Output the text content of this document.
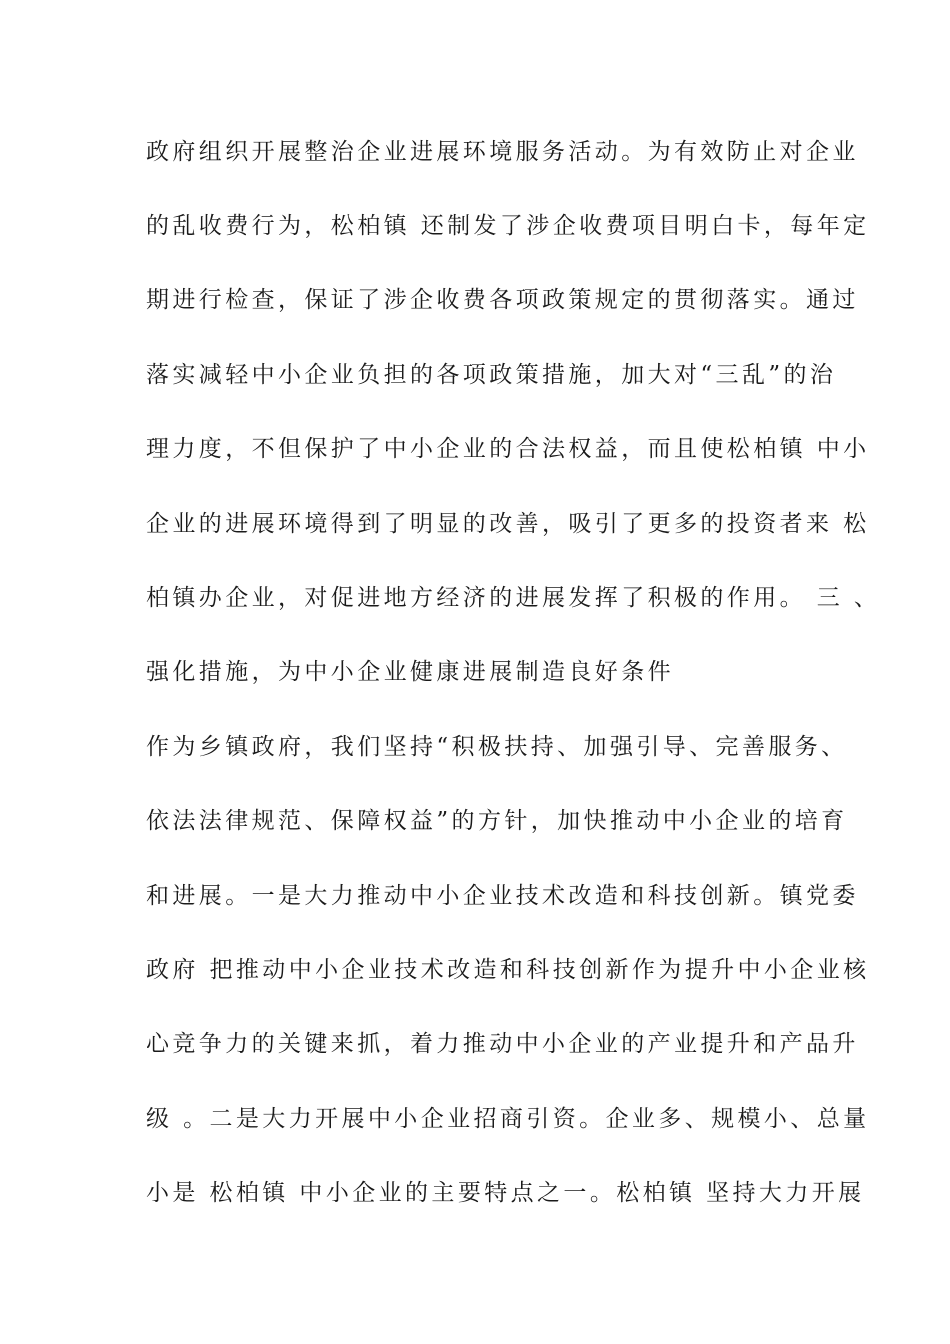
政府组织开展整治企业进展环境服务活动。为有效防止对企业
的乱收费行为，松柏镇 还制发了涉企收费项目明白卡，每年定
期进行检查，保证了涉企收费各项政策规定的贯彻落实。通过
落实减轻中小企业负担的各项政策措施，加大对“三乱”的治
理力度，不但保护了中小企业的合法权益，而且使松柏镇 中小
企业的进展环境得到了明显的改善，吸引了更多的投资者来 松
柏镇办企业，对促进地方经济的进展发挥了积极的作用。 三 、
强化措施，为中小企业健康进展制造良好条件
作为乡镇政府，我们坚持“积极扶持、加强引导、完善服务、
依法法律规范、保障权益”的方针，加快推动中小企业的培育
和进展。一是大力推动中小企业技术改造和科技创新。镇党委
政府 把推动中小企业技术改造和科技创新作为提升中小企业核
心竞争力的关键来抓，着力推动中小企业的产业提升和产品升
级 。二是大力开展中小企业招商引资。企业多、规模小、总量
小是 松柏镇 中小企业的主要特点之一。松柏镇 坚持大力开展
